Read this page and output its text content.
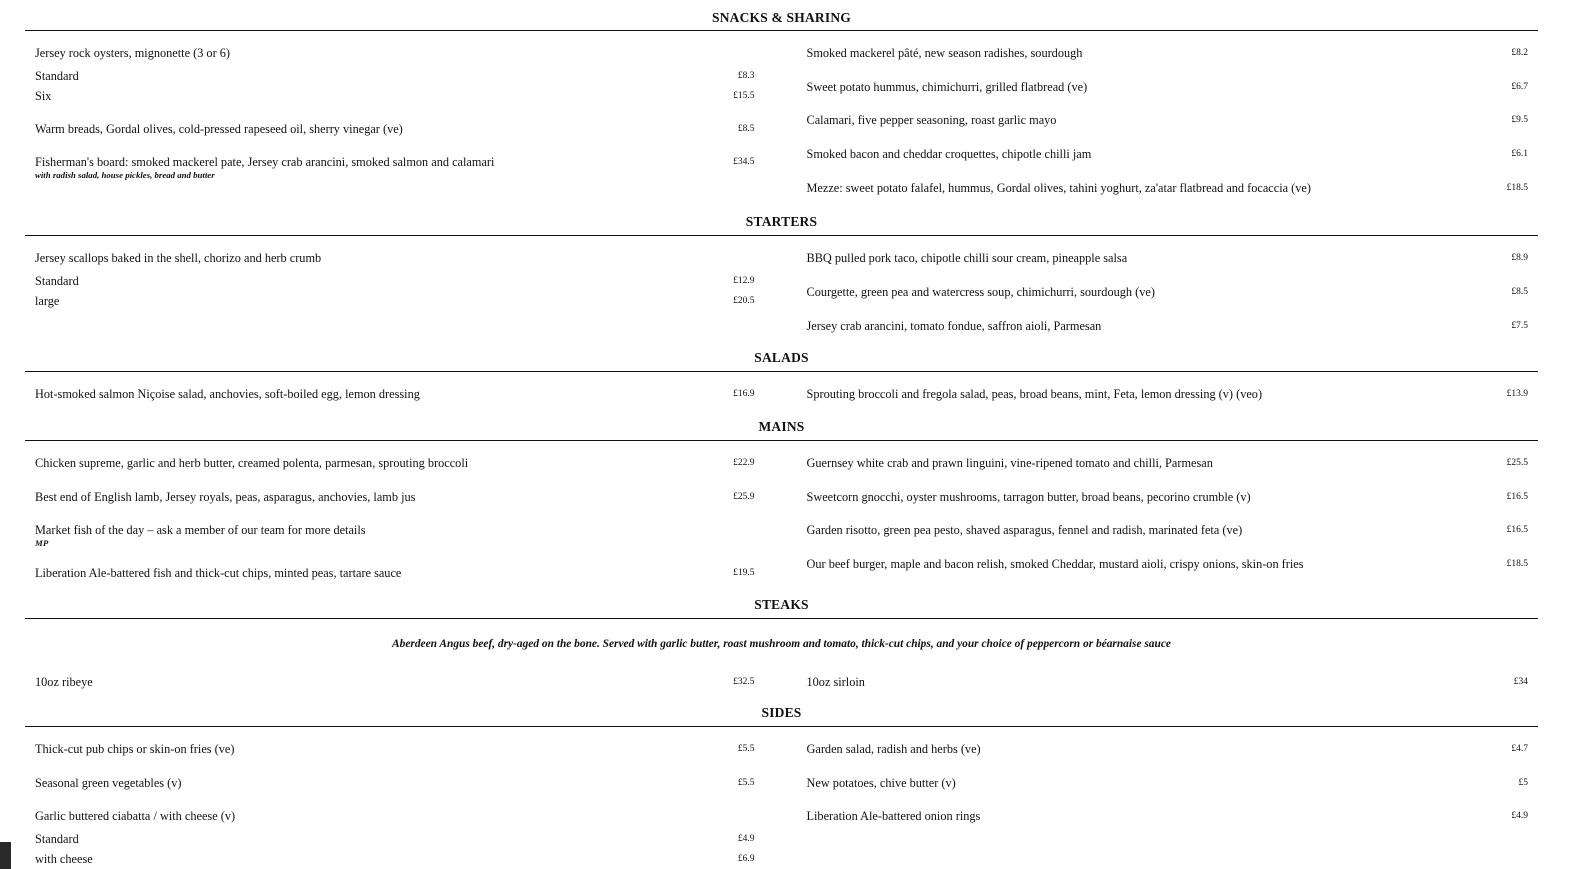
SNACKS & SHARING
Jersey rock oysters, mignonette (3 or 6)
Standard	£8.3
Six	£15.5
Warm breads, Gordal olives, cold-pressed rapeseed oil, sherry vinegar (ve)	£8.5
Fisherman's board: smoked mackerel pate, Jersey crab arancini, smoked salmon and calamari	£34.5
with radish salad, house pickles, bread and butter
Smoked mackerel pâté, new season radishes, sourdough	£8.2
Sweet potato hummus, chimichurri, grilled flatbread (ve)	£6.7
Calamari, five pepper seasoning, roast garlic mayo	£9.5
Smoked bacon and cheddar croquettes, chipotle chilli jam	£6.1
Mezze: sweet potato falafel, hummus, Gordal olives, tahini yoghurt, za'atar flatbread and focaccia (ve)	£18.5
STARTERS
Jersey scallops baked in the shell, chorizo and herb crumb
Standard	£12.9
large	£20.5
BBQ pulled pork taco, chipotle chilli sour cream, pineapple salsa	£8.9
Courgette, green pea and watercress soup, chimichurri, sourdough (ve)	£8.5
Jersey crab arancini, tomato fondue, saffron aioli, Parmesan	£7.5
SALADS
Hot-smoked salmon Niçoise salad, anchovies, soft-boiled egg, lemon dressing	£16.9	Sprouting broccoli and fregola salad, peas, broad beans, mint, Feta, lemon dressing (v) (veo)	£13.9
MAINS
Chicken supreme, garlic and herb butter, creamed polenta, parmesan, sprouting broccoli	£22.9
Best end of English lamb, Jersey royals, peas, asparagus, anchovies, lamb jus	£25.9
Market fish of the day – ask a member of our team for more details
MP
Liberation Ale-battered fish and thick-cut chips, minted peas, tartare sauce	£19.5
Guernsey white crab and prawn linguini, vine-ripened tomato and chilli, Parmesan	£25.5
Sweetcorn gnocchi, oyster mushrooms, tarragon butter, broad beans, pecorino crumble (v)	£16.5
Garden risotto, green pea pesto, shaved asparagus, fennel and radish, marinated feta (ve)	£16.5
Our beef burger, maple and bacon relish, smoked Cheddar, mustard aioli, crispy onions, skin-on fries	£18.5
STEAKS
Aberdeen Angus beef, dry-aged on the bone. Served with garlic butter, roast mushroom and tomato, thick-cut chips, and your choice of peppercorn or béarnaise sauce
10oz ribeye	£32.5	10oz sirloin	£34
SIDES
Thick-cut pub chips or skin-on fries (ve)	£5.5
Seasonal green vegetables (v)	£5.5
Garlic buttered ciabatta / with cheese (v)
Standard	£4.9
with cheese	£6.9
Garden salad, radish and herbs (ve)	£4.7
New potatoes, chive butter (v)	£5
Liberation Ale-battered onion rings	£4.9
